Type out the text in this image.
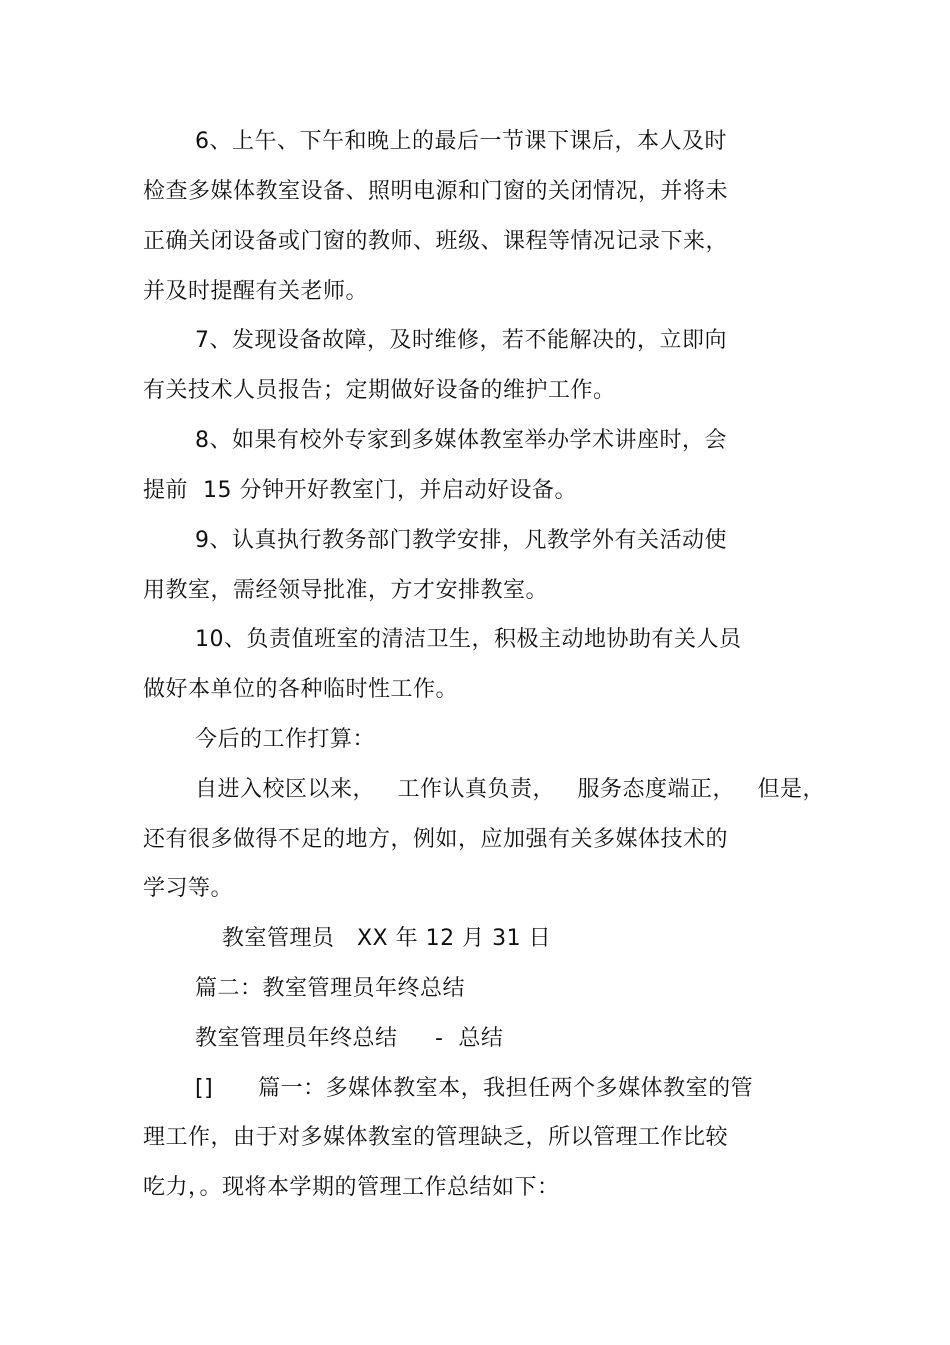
6、上午、下午和晚上的最后一节课下课后，本人及时
检查多媒体教室设备、照明电源和门窗的关闭情况，并将未
正确关闭设备或门窗的教师、班级、课程等情况记录下来，
并及时提醒有关老师。
7、发现设备故障，及时维修，若不能解决的，立即向
有关技术人员报告；定期做好设备的维护工作。
8、如果有校外专家到多媒体教室举办学术讲座时，会
提前  15 分钟开好教室门，并启动好设备。
9、认真执行教务部门教学安排，凡教学外有关活动使
用教室，需经领导批准，方才安排教室。
10、负责值班室的清洁卫生，积极主动地协助有关人员
做好本单位的各种临时性工作。
今后的工作打算：
自进入校区以来，   工作认真负责，   服务态度端正，   但是，
还有很多做得不足的地方，例如，应加强有关多媒体技术的
学习等。
教室管理员   XX 年 12 月 31 日
篇二：教室管理员年终总结
教室管理员年终总结     -  总结
[]      篇一：多媒体教室本，我担任两个多媒体教室的管
理工作，由于对多媒体教室的管理缺乏，所以管理工作比较
吃力，。现将本学期的管理工作总结如下：
